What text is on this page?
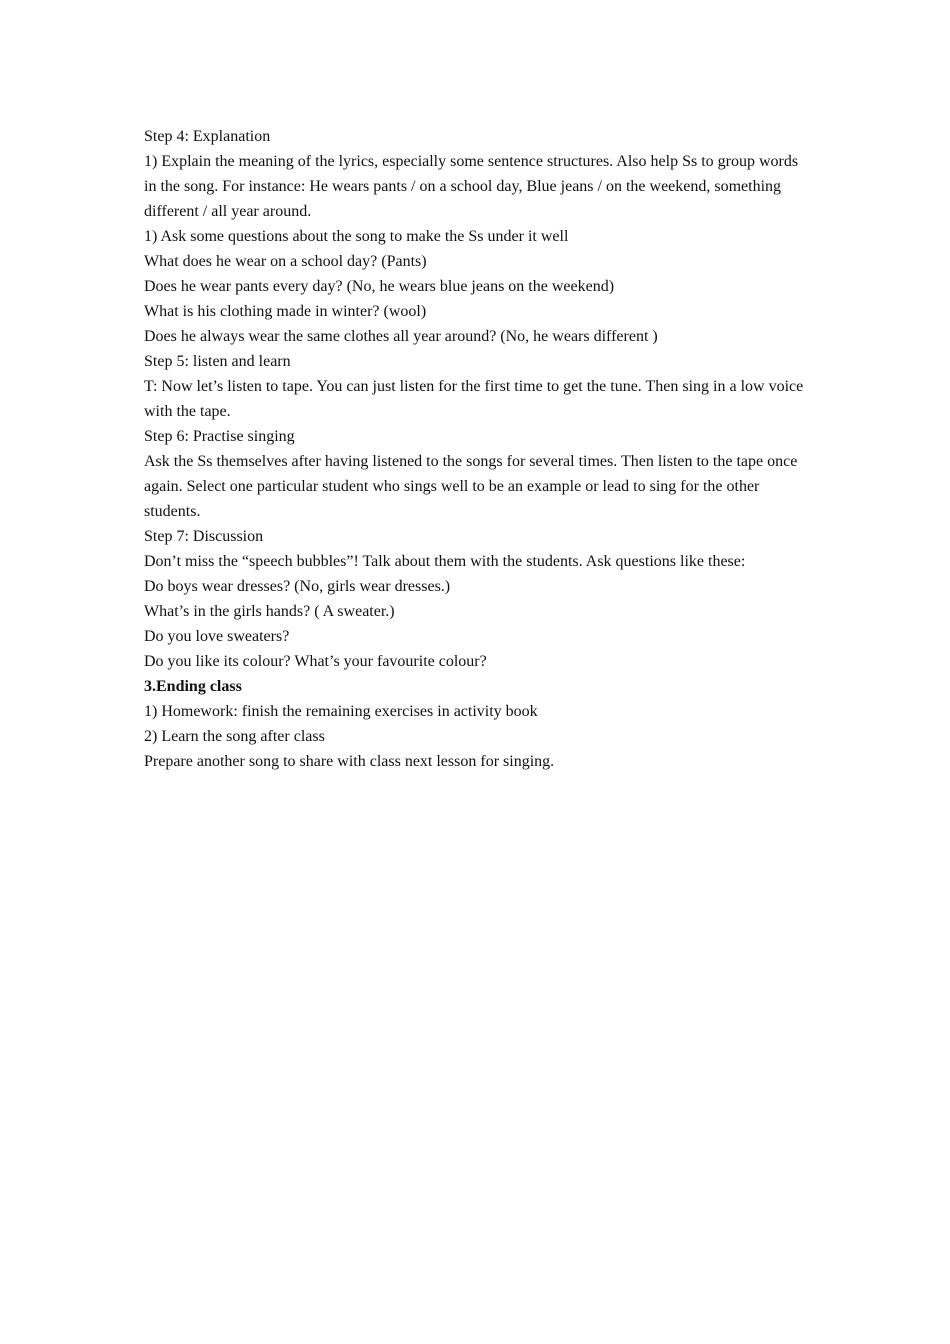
Step 4: Explanation

1) Explain the meaning of the lyrics, especially some sentence structures. Also help Ss to group words in the song. For instance: He wears pants / on a school day, Blue jeans / on the weekend, something different / all year around.

1) Ask some questions about the song to make the Ss under it well

What does he wear on a school day? (Pants)

Does he wear pants every day? (No, he wears blue jeans on the weekend)

What is his clothing made in winter? (wool)

Does he always wear the same clothes all year around? (No, he wears different )

Step 5: listen and learn

T: Now let’s listen to tape. You can just listen for the first time to get the tune. Then sing in a low voice with the tape.

Step 6: Practise singing

Ask the Ss themselves after having listened to the songs for several times. Then listen to the tape once again. Select one particular student who sings well to be an example or lead to sing for the other students.

Step 7: Discussion

Don’t miss the “speech bubbles”! Talk about them with the students. Ask questions like these:

Do boys wear dresses? (No, girls wear dresses.)

What’s in the girls hands? ( A sweater.)

Do you love sweaters?

Do you like its colour? What’s your favourite colour?

3.Ending class

1) Homework: finish the remaining exercises in activity book

2) Learn the song after class

Prepare another song to share with class next lesson for singing.
